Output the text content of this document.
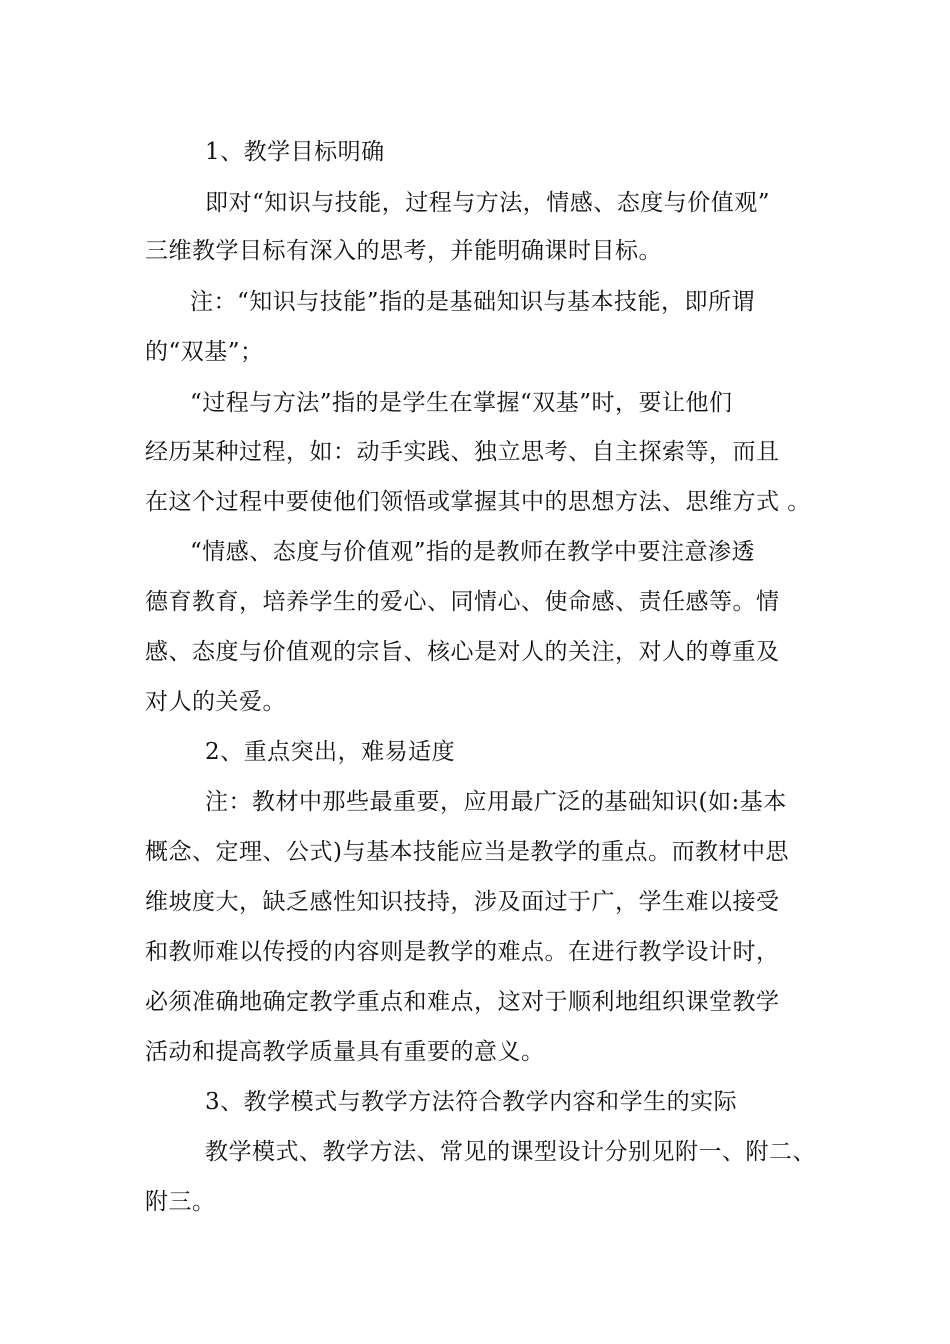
1、教学目标明确
即对“知识与技能，过程与方法，情感、态度与价值观”
三维教学目标有深入的思考，并能明确课时目标。
注：“知识与技能”指的是基础知识与基本技能，即所谓
的“双基”；
“过程与方法”指的是学生在掌握“双基”时，要让他们
经历某种过程，如：动手实践、独立思考、自主探索等，而且
在这个过程中要使他们领悟或掌握其中的思想方法、思维方式 。
“情感、态度与价值观”指的是教师在教学中要注意渗透
德育教育，培养学生的爱心、同情心、使命感、责任感等。情
感、态度与价值观的宗旨、核心是对人的关注，对人的尊重及
对人的关爱。
2、重点突出，难易适度
注：教材中那些最重要，应用最广泛的基础知识(如:基本
概念、定理、公式)与基本技能应当是教学的重点。而教材中思
维坡度大，缺乏感性知识技持，涉及面过于广，学生难以接受
和教师难以传授的内容则是教学的难点。在进行教学设计时，
必须准确地确定教学重点和难点，这对于顺利地组织课堂教学
活动和提高教学质量具有重要的意义。
3、教学模式与教学方法符合教学内容和学生的实际
教学模式、教学方法、常见的课型设计分别见附一、附二、
附三。
